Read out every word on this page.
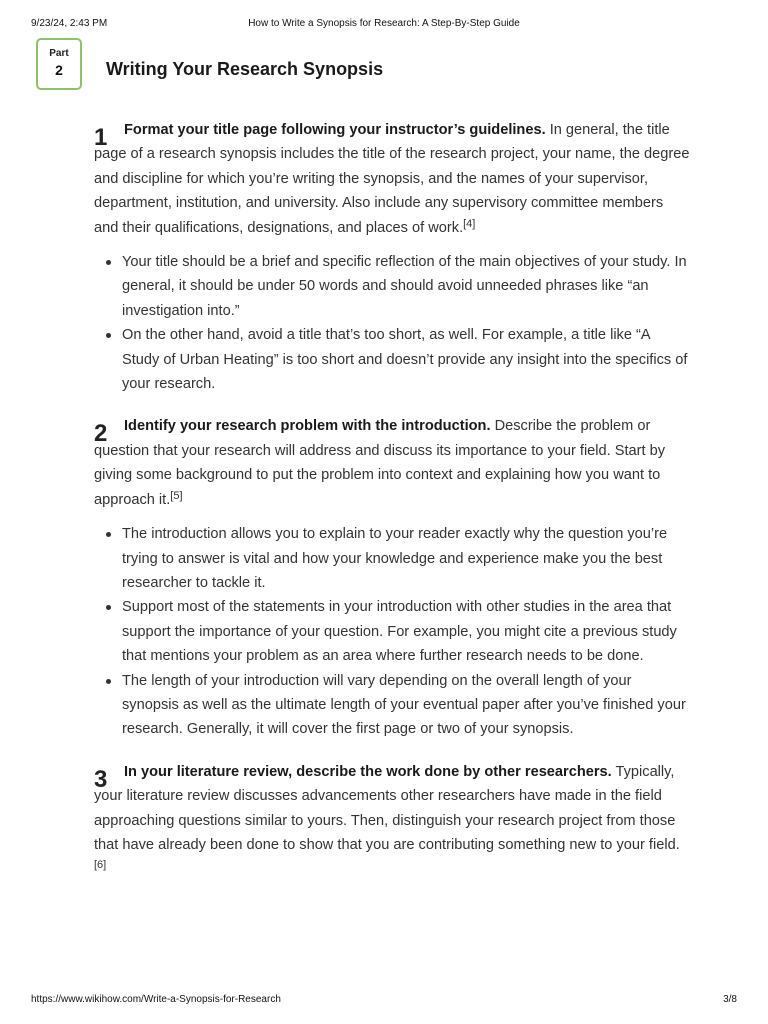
9/23/24, 2:43 PM	How to Write a Synopsis for Research: A Step-By-Step Guide
Part
2	Writing Your Research Synopsis
1	Format your title page following your instructor’s guidelines. In general, the title page of a research synopsis includes the title of the research project, your name, the degree and discipline for which you’re writing the synopsis, and the names of your supervisor, department, institution, and university. Also include any supervisory committee members and their qualifications, designations, and places of work.[4]

Your title should be a brief and specific reflection of the main objectives of your study. In general, it should be under 50 words and should avoid unneeded phrases like “an investigation into.”
On the other hand, avoid a title that’s too short, as well. For example, a title like “A Study of Urban Heating” is too short and doesn’t provide any insight into the specifics of your research.
2	Identify your research problem with the introduction. Describe the problem or question that your research will address and discuss its importance to your field. Start by giving some background to put the problem into context and explaining how you want to approach it.[5]

The introduction allows you to explain to your reader exactly why the question you’re trying to answer is vital and how your knowledge and experience make you the best researcher to tackle it.
Support most of the statements in your introduction with other studies in the area that support the importance of your question. For example, you might cite a previous study that mentions your problem as an area where further research needs to be done.
The length of your introduction will vary depending on the overall length of your synopsis as well as the ultimate length of your eventual paper after you’ve finished your research. Generally, it will cover the first page or two of your synopsis.
3	In your literature review, describe the work done by other researchers. Typically, your literature review discusses advancements other researchers have made in the field approaching questions similar to yours. Then, distinguish your research project from those that have already been done to show that you are contributing something new to your field.[6]

https://www.wikihow.com/Write-a-Synopsis-for-Research	3/8
